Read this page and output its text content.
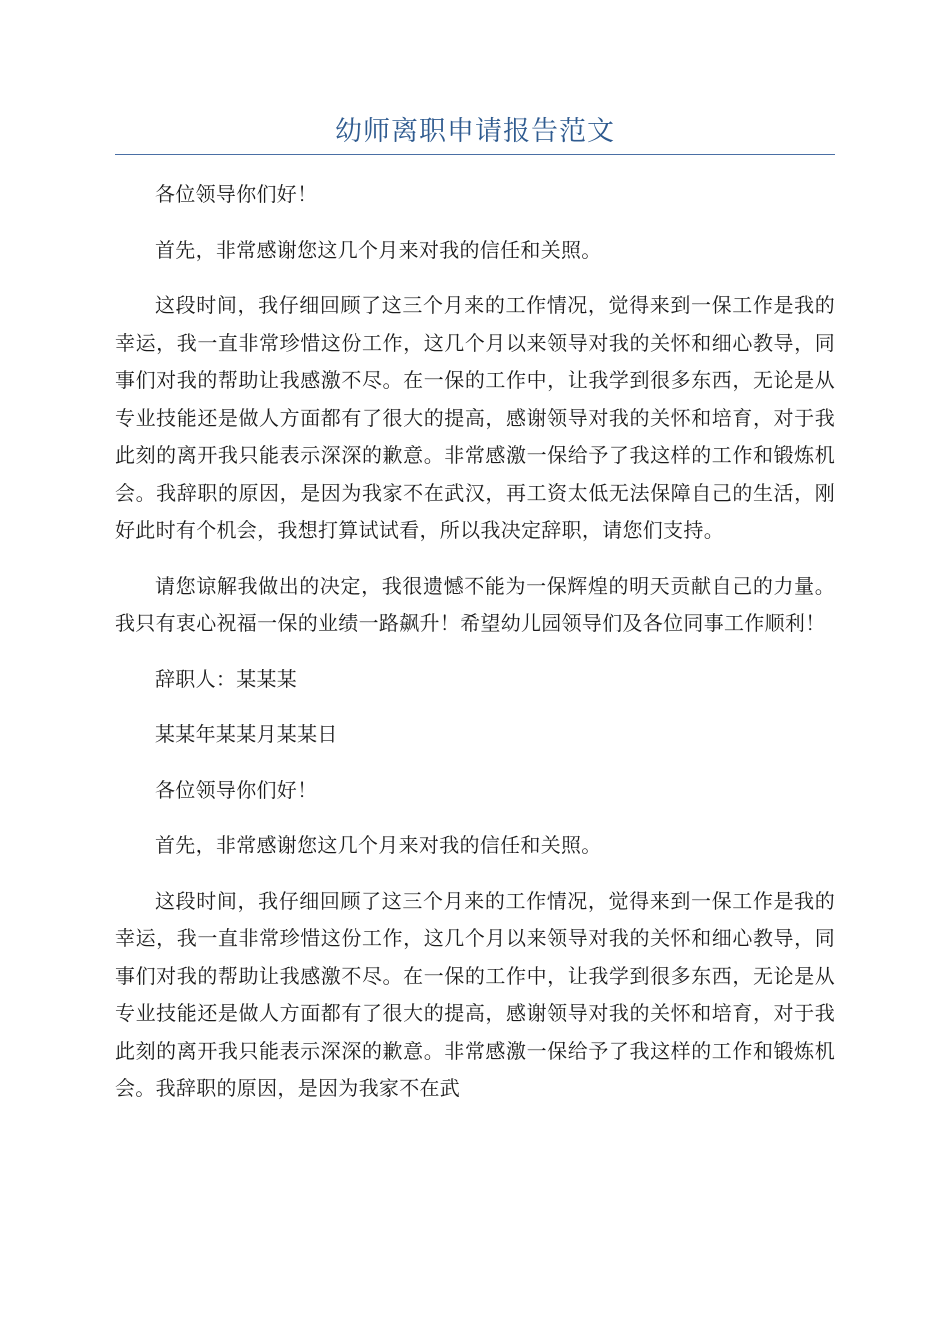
幼师离职申请报告范文

各位领导你们好！

首先，非常感谢您这几个月来对我的信任和关照。

这段时间，我仔细回顾了这三个月来的工作情况，觉得来到一保工作是我的幸运，我一直非常珍惜这份工作，这几个月以来领导对我的关怀和细心教导，同事们对我的帮助让我感激不尽。在一保的工作中，让我学到很多东西，无论是从专业技能还是做人方面都有了很大的提高，感谢领导对我的关怀和培育，对于我此刻的离开我只能表示深深的歉意。非常感激一保给予了我这样的工作和锻炼机会。我辞职的原因，是因为我家不在武汉，再工资太低无法保障自己的生活，刚好此时有个机会，我想打算试试看，所以我决定辞职，请您们支持。

请您谅解我做出的决定，我很遗憾不能为一保辉煌的明天贡献自己的力量。我只有衷心祝福一保的业绩一路飙升！希望幼儿园领导们及各位同事工作顺利！

辞职人：某某某

某某年某某月某某日

各位领导你们好！

首先，非常感谢您这几个月来对我的信任和关照。

这段时间，我仔细回顾了这三个月来的工作情况，觉得来到一保工作是我的幸运，我一直非常珍惜这份工作，这几个月以来领导对我的关怀和细心教导，同事们对我的帮助让我感激不尽。在一保的工作中，让我学到很多东西，无论是从专业技能还是做人方面都有了很大的提高，感谢领导对我的关怀和培育，对于我此刻的离开我只能表示深深的歉意。非常感激一保给予了我这样的工作和锻炼机会。我辞职的原因，是因为我家不在武
